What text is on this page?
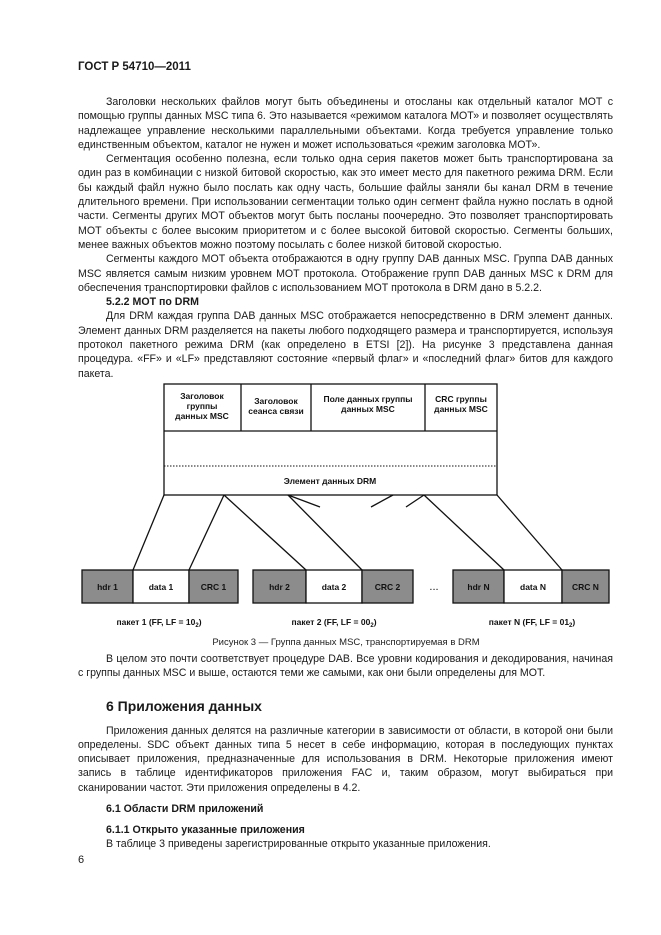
ГОСТ Р 54710—2011

Заголовки нескольких файлов могут быть объединены и отосланы как отдельный каталог МОТ с помощью группы данных MSC типа 6. Это называется «режимом каталога МОТ» и позволяет осуществлять надлежащее управление несколькими параллельными объектами. Когда требуется управление только единственным объектом, каталог не нужен и может использоваться «режим заголовка МОТ».

Сегментация особенно полезна, если только одна серия пакетов может быть транспортирована за один раз в комбинации с низкой битовой скоростью, как это имеет место для пакетного режима DRM. Если бы каждый файл нужно было послать как одну часть, большие файлы заняли бы канал DRM в течение длительного времени. При использовании сегментации только один сегмент файла нужно послать в одной части. Сегменты других МОТ объектов могут быть посланы поочередно. Это позволяет транспортировать МОТ объекты с более высоким приоритетом и с более высокой битовой скоростью. Сегменты больших, менее важных объектов можно поэтому посылать с более низкой битовой скоростью.

Сегменты каждого МОТ объекта отображаются в одну группу DAB данных MSC. Группа DAB данных MSC является самым низким уровнем МОТ протокола. Отображение групп DAB данных MSC к DRM для обеспечения транспортировки файлов с использованием МОТ протокола в DRM дано в 5.2.2.

5.2.2 МОТ по DRM

Для DRM каждая группа DAB данных MSC отображается непосредственно в DRM элемент данных. Элемент данных DRM разделяется на пакеты любого подходящего размера и транспортируется, используя протокол пакетного режима DRM (как определено в ETSI [2]). На рисунке 3 представлена данная процедура. «FF» и «LF» представляют состояние «первый флаг» и «последний флаг» битов для каждого пакета.

Заголовок группы данных MSC
Заголовок сеанса связи
Поле данных группы данных MSC
CRC группы данных MSC
Элемент данных DRM
hdr 1	data 1	CRC 1	hdr 2	data 2	CRC 2	hdr N	data N	CRC N
...
пакет 1 (FF, LF = $10_2$)	пакет 2 (FF, LF = $00_2$)	пакет N (FF, LF = $01_2$)
Рисунок 3 — Группа данных MSC, транспортируемая в DRM

В целом это почти соответствует процедуре DAB. Все уровни кодирования и декодирования, начиная с группы данных MSC и выше, остаются теми же самыми, как они были определены для МОТ.

6 Приложения данных

Приложения данных делятся на различные категории в зависимости от области, в которой они были определены. SDC объект данных типа 5 несет в себе информацию, которая в последующих пунктах описывает приложения, предназначенные для использования в DRM. Некоторые приложения имеют запись в таблице идентификаторов приложения FAC и, таким образом, могут выбираться при сканировании частот. Эти приложения определены в 4.2.

6.1 Области DRM приложений
6.1.1 Открыто указанные приложения

В таблице 3 приведены зарегистрированные открыто указанные приложения.

6
